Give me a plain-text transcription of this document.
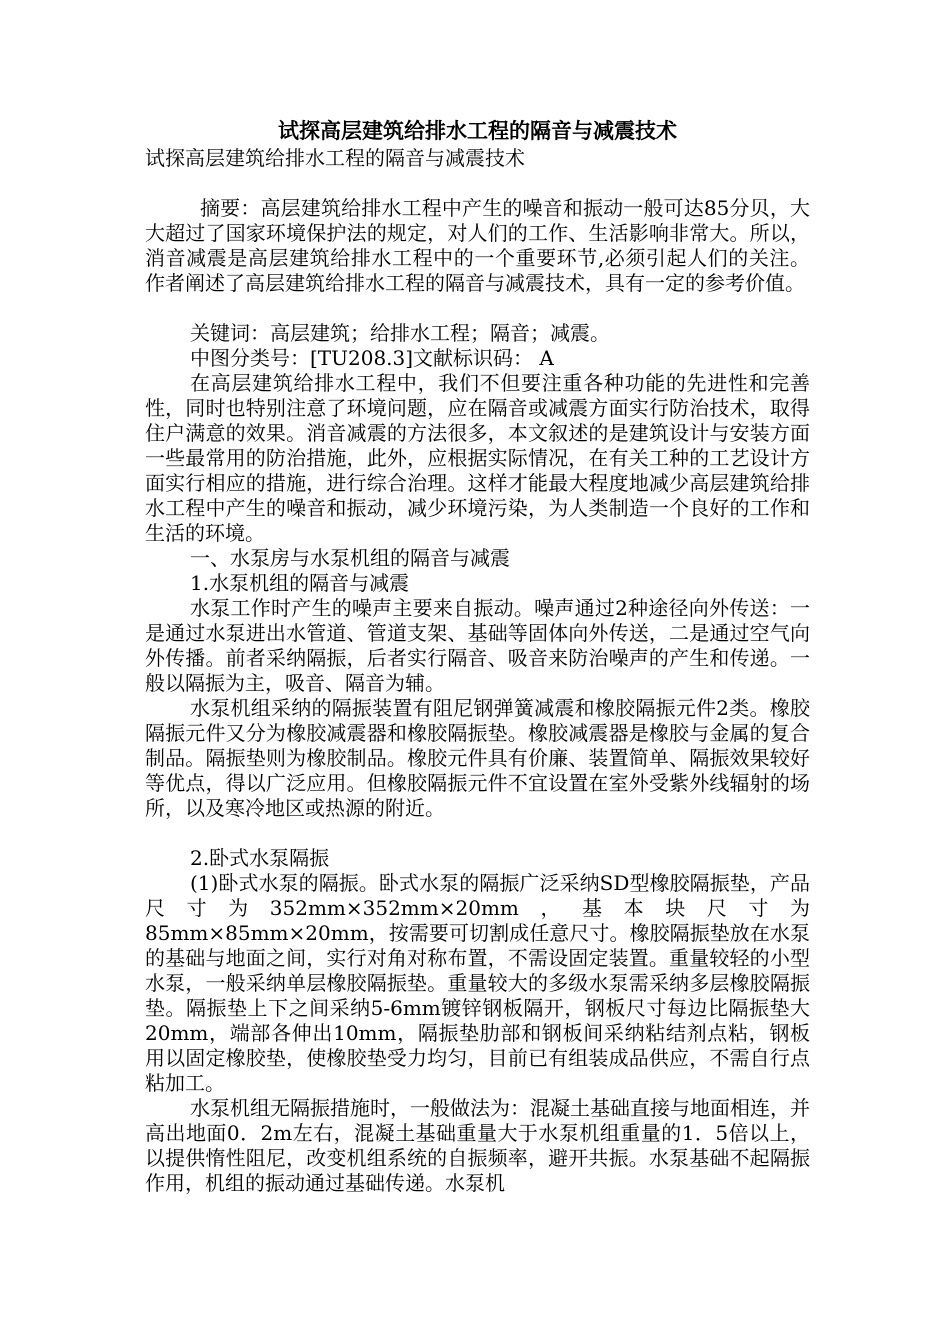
试探高层建筑给排水工程的隔音与减震技术
试探高层建筑给排水工程的隔音与减震技术

摘要：高层建筑给排水工程中产生的噪音和振动一般可达85分贝，大大超过了国家环境保护法的规定，对人们的工作、生活影响非常大。所以，消音减震是高层建筑给排水工程中的一个重要环节,必须引起人们的关注。作者阐述了高层建筑给排水工程的隔音与减震技术，具有一定的参考价值。

关键词：高层建筑；给排水工程；隔音；减震。
中图分类号：[TU208.3]文献标识码： A

在高层建筑给排水工程中，我们不但要注重各种功能的先进性和完善性，同时也特别注意了环境问题，应在隔音或减震方面实行防治技术，取得住户满意的效果。消音减震的方法很多，本文叙述的是建筑设计与安装方面一些最常用的防治措施，此外，应根据实际情况，在有关工种的工艺设计方面实行相应的措施，进行综合治理。这样才能最大程度地减少高层建筑给排水工程中产生的噪音和振动，减少环境污染，为人类制造一个良好的工作和生活的环境。

一、水泵房与水泵机组的隔音与减震
1.水泵机组的隔音与减震

水泵工作时产生的噪声主要来自振动。噪声通过2种途径向外传送：一是通过水泵进出水管道、管道支架、基础等固体向外传送，二是通过空气向外传播。前者采纳隔振，后者实行隔音、吸音来防治噪声的产生和传递。一般以隔振为主，吸音、隔音为辅。

水泵机组采纳的隔振装置有阻尼钢弹簧减震和橡胶隔振元件2类。橡胶隔振元件又分为橡胶减震器和橡胶隔振垫。橡胶减震器是橡胶与金属的复合制品。隔振垫则为橡胶制品。橡胶元件具有价廉、装置简单、隔振效果较好等优点，得以广泛应用。但橡胶隔振元件不宜设置在室外受紫外线辐射的场所，以及寒冷地区或热源的附近。

2.卧式水泵隔振

(1)卧式水泵的隔振。卧式水泵的隔振广泛采纳SD型橡胶隔振垫，产品尺寸为352mm×352mm×20mm，基本块尺寸为85mm×85mm×20mm，按需要可切割成任意尺寸。橡胶隔振垫放在水泵的基础与地面之间，实行对角对称布置，不需设固定装置。重量较轻的小型水泵，一般采纳单层橡胶隔振垫。重量较大的多级水泵需采纳多层橡胶隔振垫。隔振垫上下之间采纳5-6mm镀锌钢板隔开，钢板尺寸每边比隔振垫大20mm，端部各伸出10mm，隔振垫肋部和钢板间采纳粘结剂点粘，钢板用以固定橡胶垫，使橡胶垫受力均匀，目前已有组装成品供应，不需自行点粘加工。

水泵机组无隔振措施时，一般做法为：混凝土基础直接与地面相连，并高出地面0．2m左右，混凝土基础重量大于水泵机组重量的1．5倍以上，以提供惰性阻尼，改变机组系统的自振频率，避开共振。水泵基础不起隔振作用，机组的振动通过基础传递。水泵机
